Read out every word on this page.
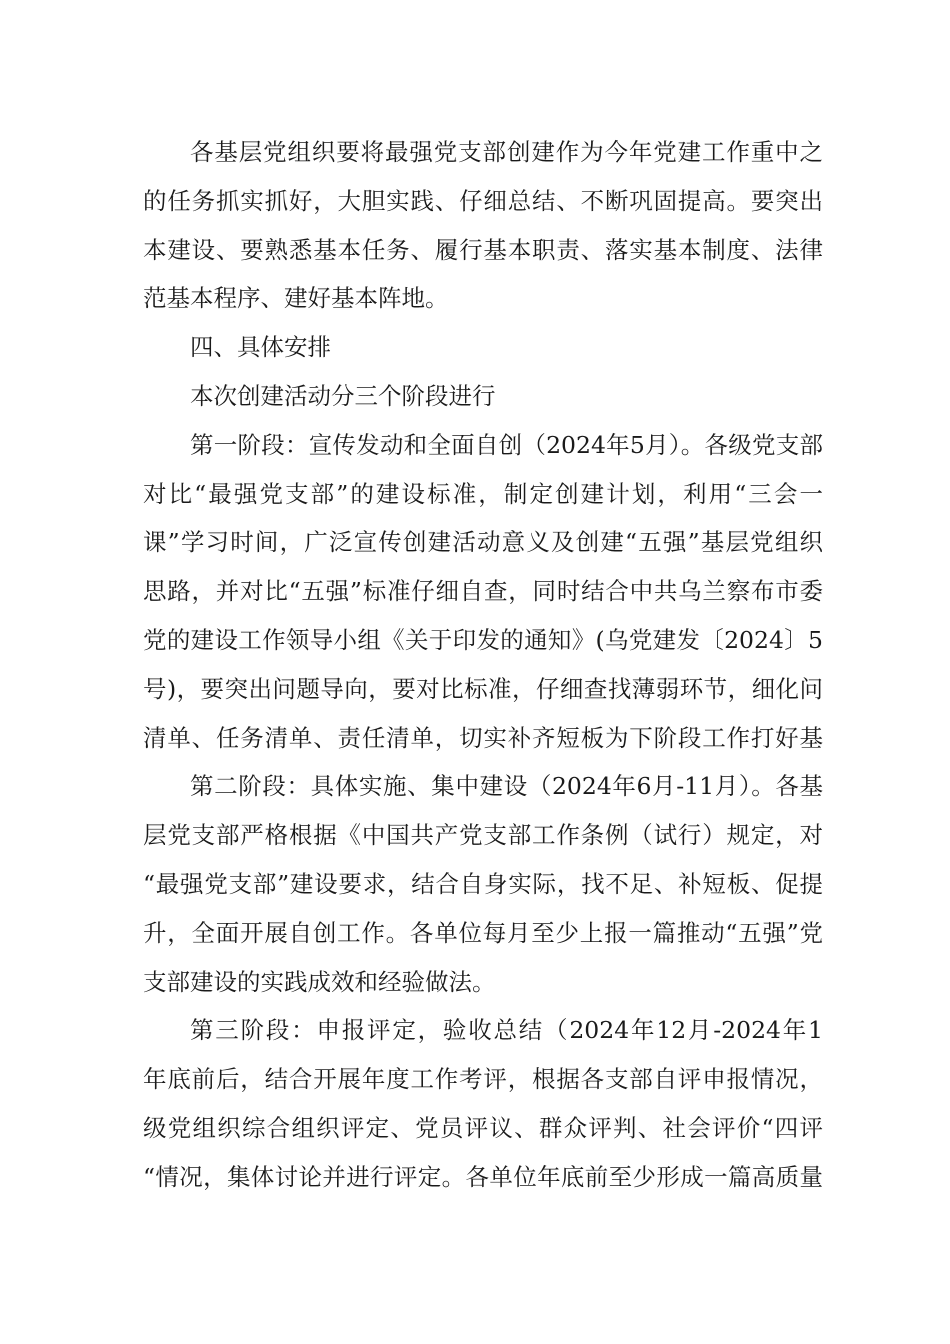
各基层党组织要将最强党支部创建作为今年党建工作重中之
的任务抓实抓好，大胆实践、仔细总结、不断巩固提高。要突出
本建设、要熟悉基本任务、履行基本职责、落实基本制度、法律
范基本程序、建好基本阵地。
四、具体安排
本次创建活动分三个阶段进行
第一阶段：宣传发动和全面自创（2024年5月）。各级党支部
对比“最强党支部”的建设标准，制定创建计划，利用“三会一
课”学习时间，广泛宣传创建活动意义及创建“五强”基层党组织
思路，并对比“五强”标准仔细自查，同时结合中共乌兰察布市委
党的建设工作领导小组《关于印发的通知》(乌党建发〔2024〕5
号)，要突出问题导向，要对比标准，仔细查找薄弱环节，细化问
清单、任务清单、责任清单，切实补齐短板为下阶段工作打好基
第二阶段：具体实施、集中建设（2024年6月-11月）。各基
层党支部严格根据《中国共产党支部工作条例（试行）规定，对
“最强党支部”建设要求，结合自身实际，找不足、补短板、促提
升，全面开展自创工作。各单位每月至少上报一篇推动“五强”党
支部建设的实践成效和经验做法。
第三阶段：申报评定，验收总结（2024年12月-2024年1
年底前后，结合开展年度工作考评，根据各支部自评申报情况，
级党组织综合组织评定、党员评议、群众评判、社会评价“四评
“情况，集体讨论并进行评定。各单位年底前至少形成一篇高质量
